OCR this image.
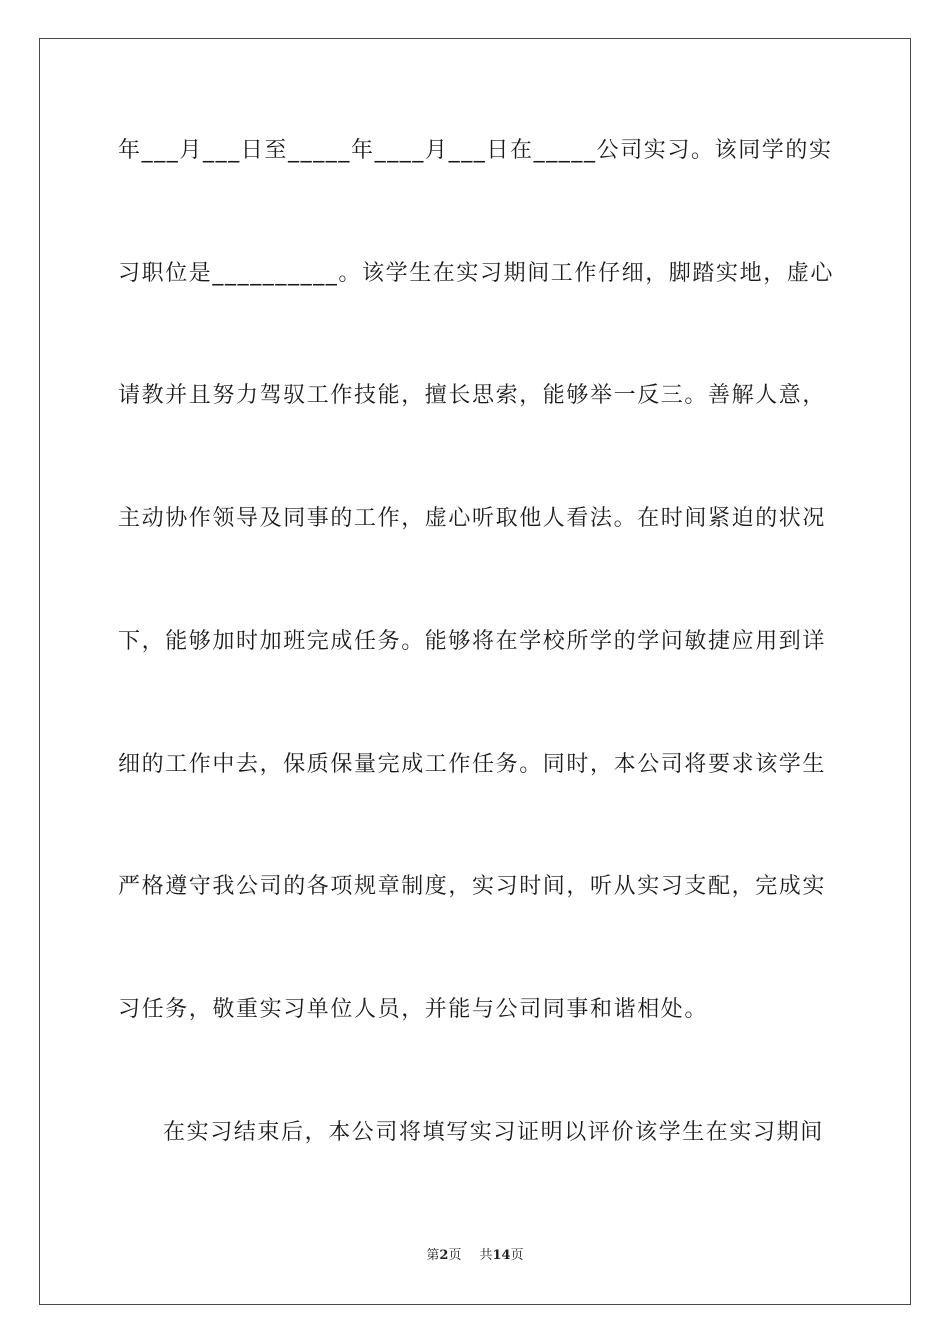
年___月___日至_____年____月___日在_____公司实习。该同学的实
习职位是__________。该学生在实习期间工作仔细，脚踏实地，虚心
请教并且努力驾驭工作技能，擅长思索，能够举一反三。善解人意，
主动协作领导及同事的工作，虚心听取他人看法。在时间紧迫的状况
下，能够加时加班完成任务。能够将在学校所学的学问敏捷应用到详
细的工作中去，保质保量完成工作任务。同时，本公司将要求该学生
严格遵守我公司的各项规章制度，实习时间，听从实习支配，完成实
习任务，敬重实习单位人员，并能与公司同事和谐相处。
在实习结束后，本公司将填写实习证明以评价该学生在实习期间
第2页 共14页
